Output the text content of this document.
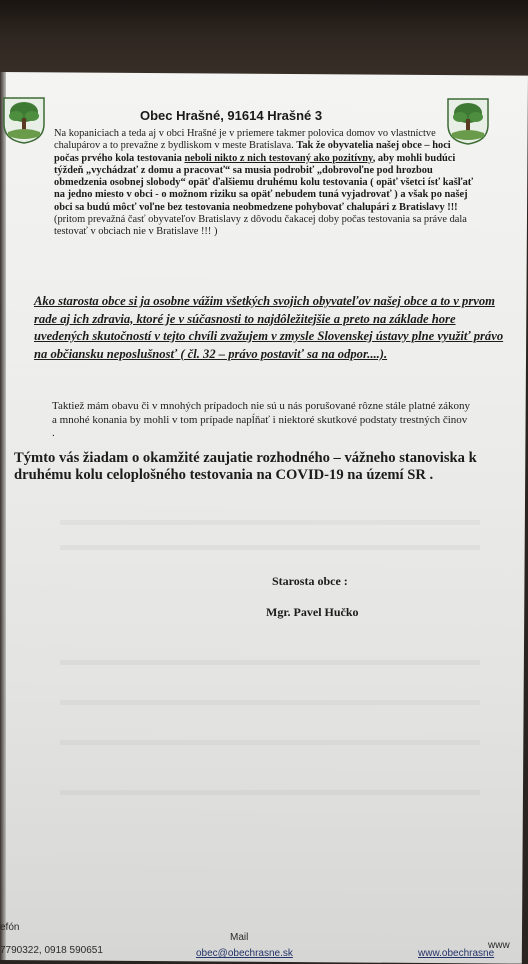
Obec Hrašné, 91614 Hrašné 3
Na kopaniciach a teda aj v obci Hrašné je v priemere takmer polovica domov vo vlastníctve chalupárov a to prevažne z bydliskom v meste Bratislava. Tak že obyvatelia našej obce – hoci počas prvého kola testovania neboli nikto z nich testovaný ako pozitívny, aby mohli budúci týždeň „vychádzať z domu a pracovať“ sa musia podrobiť „dobrovoľne pod hrozbou obmedzenia osobnej slobody“ opäť ďalšiemu druhému kolu testovania ( opäť všetci ísť kašľať na jedno miesto v obci - o možnom riziku sa opäť nebudem tuná vyjadrovať ) a však po našej obci sa budú môcť voľne bez testovania neobmedzene pohybovať chalupári z Bratislavy !!! (pritom prevažná časť obyvateľov Bratislavy z dôvodu čakacej doby počas testovania sa práve dala testovať v obciach nie v Bratislave !!! )
Ako starosta obce si ja osobne vážim všetkých svojich obyvateľov našej obce a to v prvom rade aj ich zdravia, ktoré je v súčasnosti to najdôležitejšie a preto na základe hore uvedených skutočností v tejto chvíli zvažujem v zmysle Slovenskej ústavy plne využiť právo na občiansku neposlušnosť ( čl. 32 – právo postaviť sa na odpor....).
Taktiež mám obavu či v mnohých prípadoch nie sú u nás porušované rôzne stále platné zákony a mnohé konania by mohli v tom prípade napĺňať i niektoré skutkové podstaty trestných činov .
Týmto vás žiadam o okamžité zaujatie rozhodného – vážneho stanoviska k druhému kolu celoplošného testovania na COVID-19 na území SR .
Starosta obce :
Mgr. Pavel Hučko
efón
7790322, 0918 590651
Mail
obec@obechrasne.sk	www.obechrasne
www
